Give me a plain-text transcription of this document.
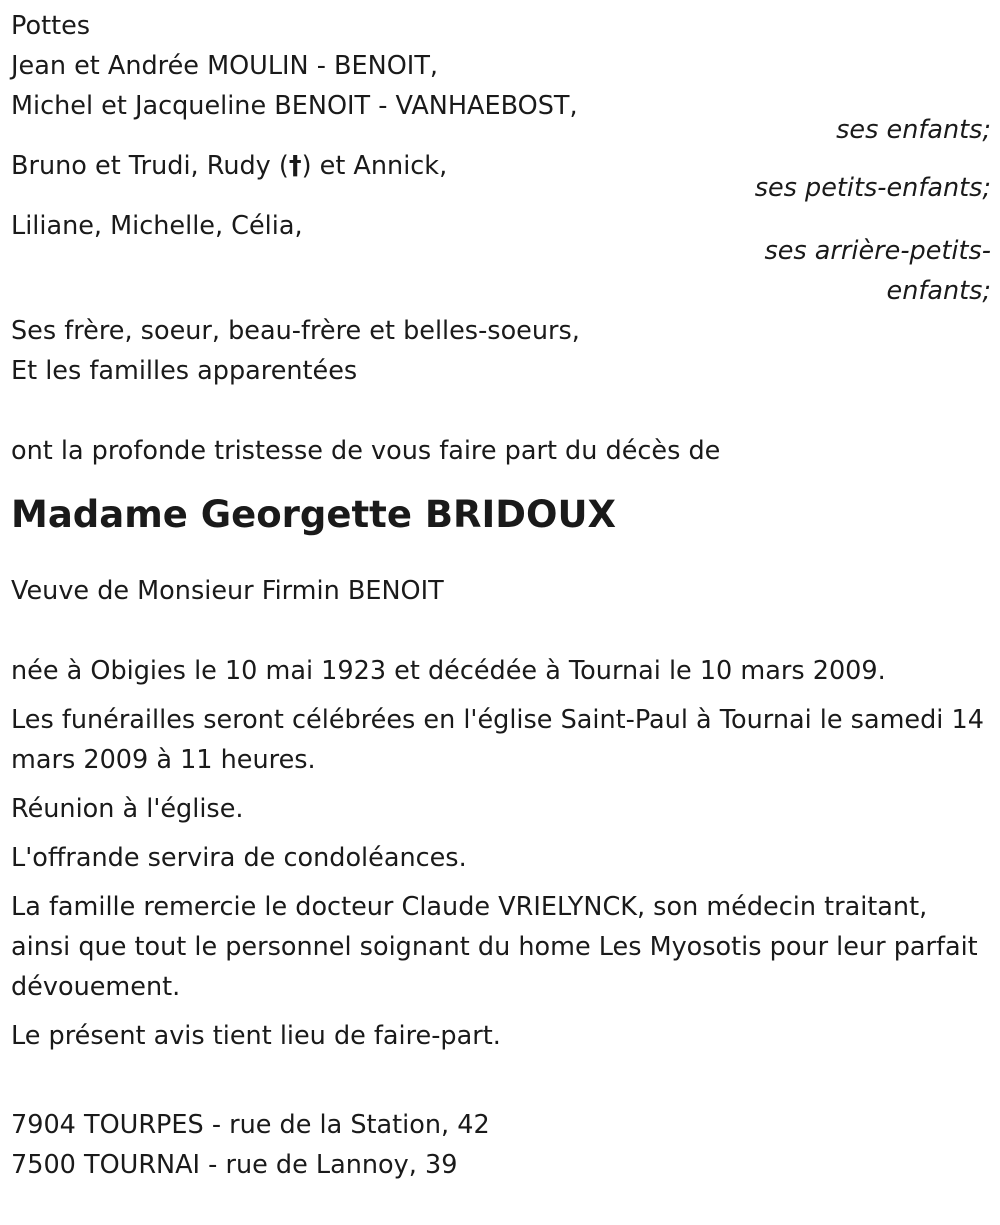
Pottes
Jean et Andrée MOULIN - BENOIT,
Michel et Jacqueline BENOIT - VANHAEBOST,
ses enfants;
Bruno et Trudi, Rudy (†) et Annick,
ses petits-enfants;
Liliane, Michelle, Célia,
ses arrière-petits-
enfants;
Ses frère, soeur, beau-frère et belles-soeurs,
Et les familles apparentées
ont la profonde tristesse de vous faire part du décès de
Madame Georgette BRIDOUX
Veuve de Monsieur Firmin BENOIT
née à Obigies le 10 mai 1923 et décédée à Tournai le 10 mars 2009.
Les funérailles seront célébrées en l'église Saint-Paul à Tournai le samedi 14 mars 2009 à 11 heures.
Réunion à l'église.
L'offrande servira de condoléances.
La famille remercie le docteur Claude VRIELYNCK, son médecin traitant, ainsi que tout le personnel soignant du home Les Myosotis pour leur parfait dévouement.
Le présent avis tient lieu de faire-part.
7904 TOURPES - rue de la Station, 42
7500 TOURNAI - rue de Lannoy, 39
